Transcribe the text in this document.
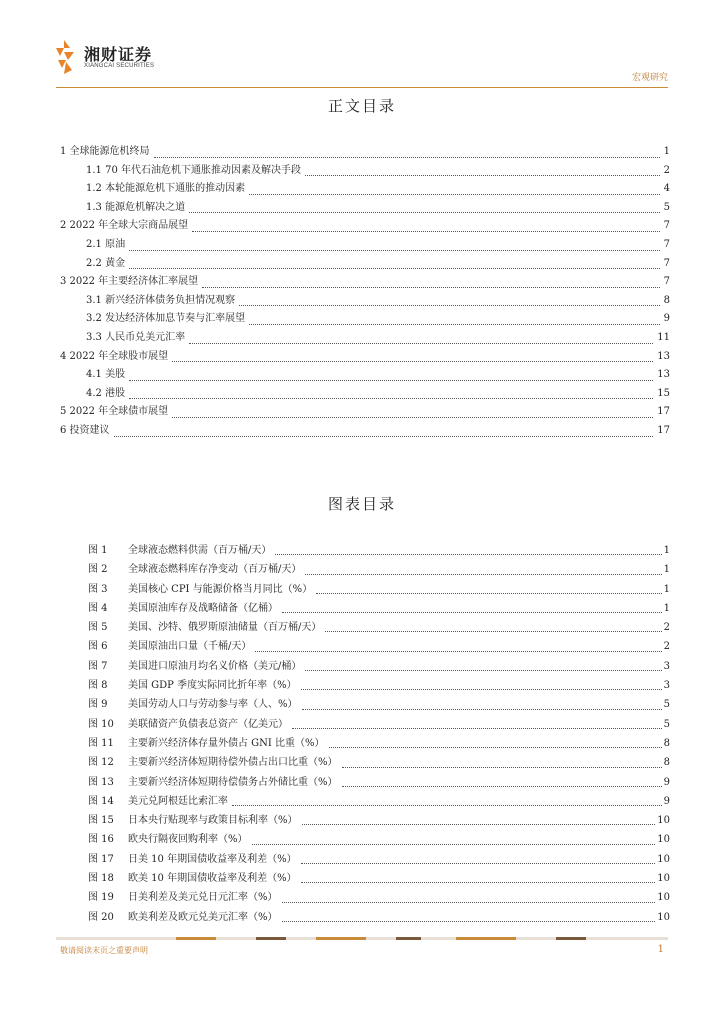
湘财证券
XIANGCAI SECURITIES
宏观研究
正文目录
1 全球能源危机终局	1
1.1 70 年代石油危机下通胀推动因素及解决手段	2
1.2 本轮能源危机下通胀的推动因素	4
1.3 能源危机解决之道	5
2 2022 年全球大宗商品展望	7
2.1 原油	7
2.2 黄金	7
3 2022 年主要经济体汇率展望	7
3.1 新兴经济体债务负担情况观察	8
3.2 发达经济体加息节奏与汇率展望	9
3.3 人民币兑美元汇率	11
4 2022 年全球股市展望	13
4.1 美股	13
4.2 港股	15
5 2022 年全球债市展望	17
6 投资建议	17
图表目录
图 1	全球液态燃料供需（百万桶/天）	1
图 2	全球液态燃料库存净变动（百万桶/天）	1
图 3	美国核心 CPI 与能源价格当月同比（%）	1
图 4	美国原油库存及战略储备（亿桶）	1
图 5	美国、沙特、俄罗斯原油储量（百万桶/天）	2
图 6	美国原油出口量（千桶/天）	2
图 7	美国进口原油月均名义价格（美元/桶）	3
图 8	美国 GDP 季度实际同比折年率（%）	3
图 9	美国劳动人口与劳动参与率（人、%）	5
图 10	美联储资产负债表总资产（亿美元）	5
图 11	主要新兴经济体存量外债占 GNI 比重（%）	8
图 12	主要新兴经济体短期待偿外债占出口比重（%）	8
图 13	主要新兴经济体短期待偿债务占外储比重（%）	9
图 14	美元兑阿根廷比索汇率	9
图 15	日本央行贴现率与政策目标利率（%）	10
图 16	欧央行隔夜回购利率（%）	10
图 17	日美 10 年期国债收益率及利差（%）	10
图 18	欧美 10 年期国债收益率及利差（%）	10
图 19	日美利差及美元兑日元汇率（%）	10
图 20	欧美利差及欧元兑美元汇率（%）	10
敬请阅读末页之重要声明	1
